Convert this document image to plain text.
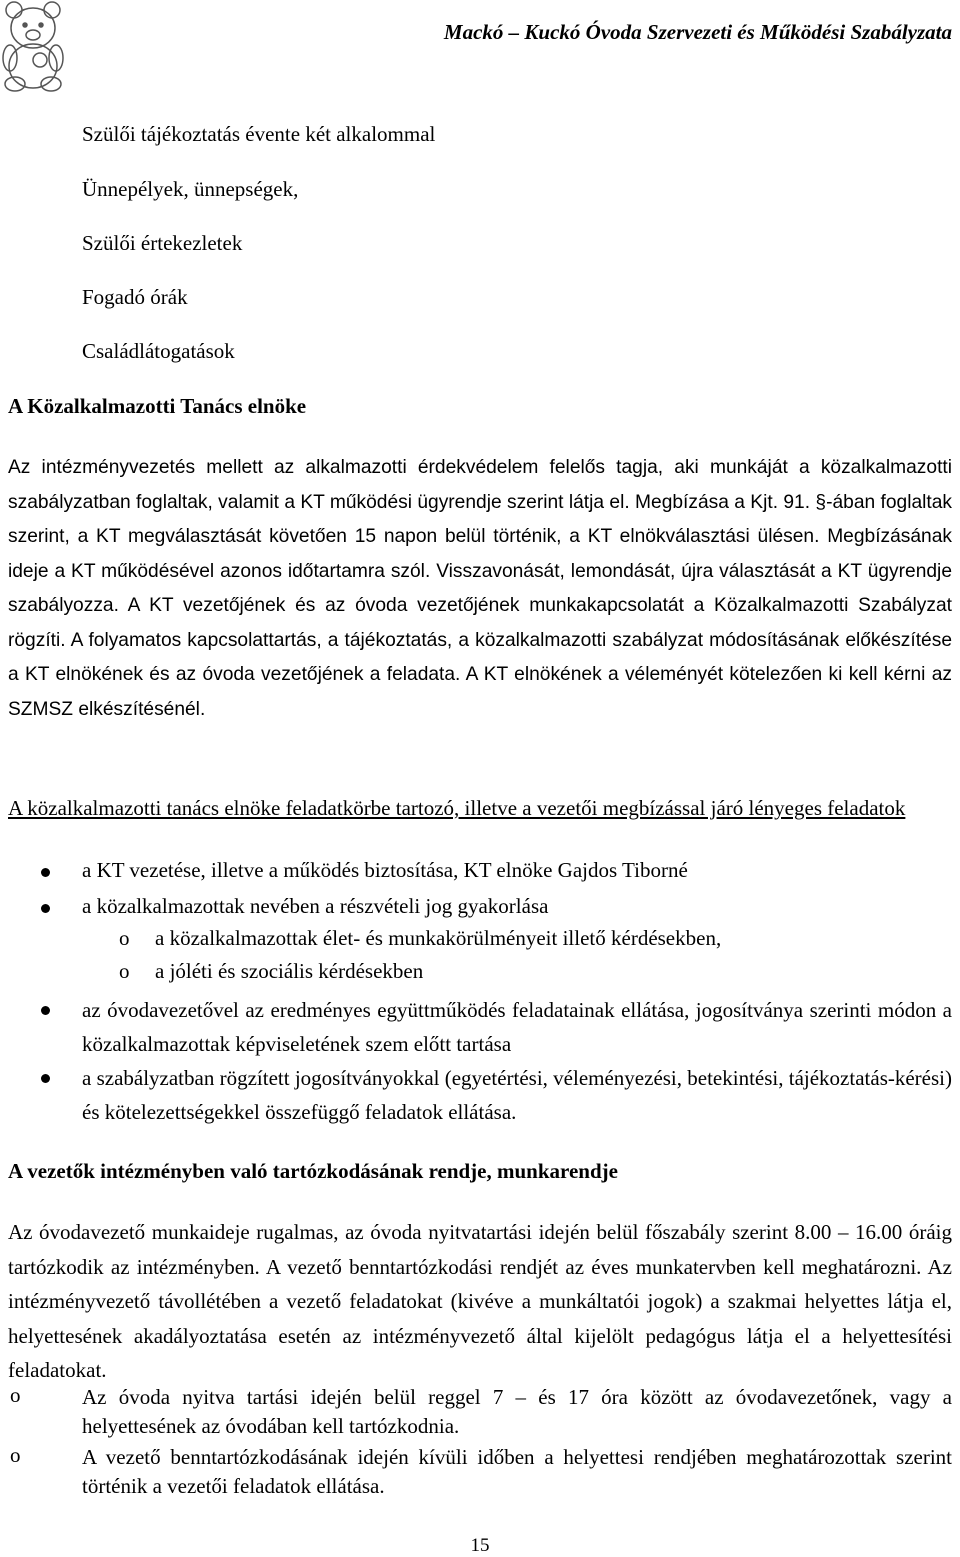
Mackó – Kuckó Óvoda Szervezeti és Működési Szabályzata
Szülői tájékoztatás évente két alkalommal
Ünnepélyek, ünnepségek,
Szülői értekezletek
Fogadó órák
Családlátogatások
A Közalkalmazotti Tanács elnöke
Az intézményvezetés mellett az alkalmazotti érdekvédelem felelős tagja, aki munkáját a közalkalmazotti szabályzatban foglaltak, valamit a KT működési ügyrendje szerint látja el. Megbízása a Kjt. 91. §-ában foglaltak szerint, a KT megválasztását követően 15 napon belül történik, a KT elnökválasztási ülésen. Megbízásának ideje a KT működésével azonos időtartamra szól. Visszavonását, lemondását, újra választását a KT ügyrendje szabályozza. A KT vezetőjének és az óvoda vezetőjének munkakapcsolatát a Közalkalmazotti Szabályzat rögzíti. A folyamatos kapcsolattartás, a tájékoztatás, a közalkalmazotti szabályzat módosításának előkészítése a KT elnökének és az óvoda vezetőjének a feladata. A KT elnökének a véleményét kötelezően ki kell kérni az SZMSZ elkészítésénél.
A közalkalmazotti tanács elnöke feladatkörbe tartozó, illetve a vezetői megbízással járó lényeges feladatok
a KT vezetése, illetve a működés biztosítása, KT elnöke Gajdos Tiborné
a közalkalmazottak nevében a részvételi jog gyakorlása
o a közalkalmazottak élet- és munkakörülményeit illető kérdésekben,
o a jóléti és szociális kérdésekben
az óvodavezetővel az eredményes együttműködés feladatainak ellátása, jogosítványa szerinti módon a közalkalmazottak képviseletének szem előtt tartása
a szabályzatban rögzített jogosítványokkal (egyetértési, véleményezési, betekintési, tájékoztatás-kérési) és kötelezettségekkel összefüggő feladatok ellátása.
A vezetők intézményben való tartózkodásának rendje, munkarendje
Az óvodavezető munkaideje rugalmas, az óvoda nyitvatartási idején belül főszabály szerint 8.00 – 16.00 óráig tartózkodik az intézményben. A vezető benntartózkodási rendjét az éves munkatervben kell meghatározni. Az intézményvezető távollétében a vezető feladatokat (kivéve a munkáltatói jogok) a szakmai helyettes látja el, helyettesének akadályoztatása esetén az intézményvezető által kijelölt pedagógus látja el a helyettesítési feladatokat.
o	Az óvoda nyitva tartási idején belül reggel 7 – és 17 óra között az óvodavezetőnek, vagy a helyettesének az óvodában kell tartózkodnia.
o	A vezető benntartózkodásának idején kívüli időben a helyettesi rendjében meghatározottak szerint történik a vezetői feladatok ellátása.
15
